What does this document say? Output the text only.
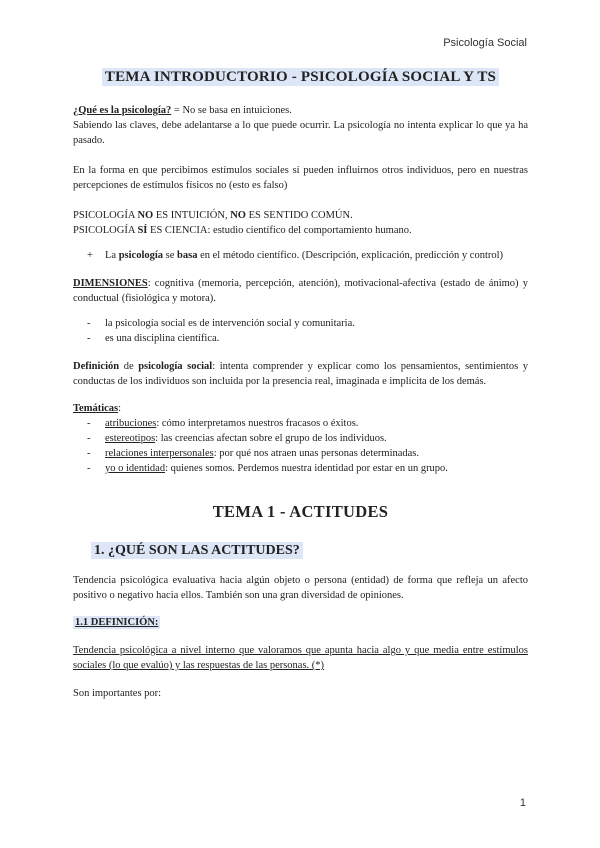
Psicología Social

TEMA INTRODUCTORIO - PSICOLOGÍA SOCIAL Y TS

¿Qué es la psicología? = No se basa en intuiciones.

Sabiendo las claves, debe adelantarse a lo que puede ocurrir. La psicología no intenta explicar lo que ya ha pasado.

En la forma en que percibimos estímulos sociales sí pueden influirnos otros individuos, pero en nuestras percepciones de estímulos físicos no (esto es falso)

PSICOLOGÍA NO ES INTUICIÓN, NO ES SENTIDO COMÚN.

PSICOLOGÍA SÍ ES CIENCIA: estudio científico del comportamiento humano.

+ La psicología se basa en el método científico. (Descripción, explicación, predicción y control)

DIMENSIONES: cognitiva (memoria, percepción, atención), motivacional-afectiva (estado de ánimo) y conductual (fisiológica y motora).

- la psicología social es de intervención social y comunitaria.
- es una disciplina científica.

Definición de psicología social: intenta comprender y explicar como los pensamientos, sentimientos y conductas de los individuos son incluida por la presencia real, imaginada e implícita de los demás.

Temáticas:

- atribuciones: cómo interpretamos nuestros fracasos o éxitos.
- estereotipos: las creencias afectan sobre el grupo de los individuos.
- relaciones interpersonales: por qué nos atraen unas personas determinadas.
- yo o identidad: quienes somos. Perdemos nuestra identidad por estar en un grupo.

TEMA 1 - ACTITUDES

1. ¿QUÉ SON LAS ACTITUDES?

Tendencia psicológica evaluativa hacia algún objeto o persona (entidad) de forma que refleja un afecto positivo o negativo hacia ellos. También son una gran diversidad de opiniones.

1.1 DEFINICIÓN:

Tendencia psicológica a nivel interno que valoramos que apunta hacia algo y que media entre estímulos sociales (lo que evalúo) y las respuestas de las personas. (*)

Son importantes por:

1
